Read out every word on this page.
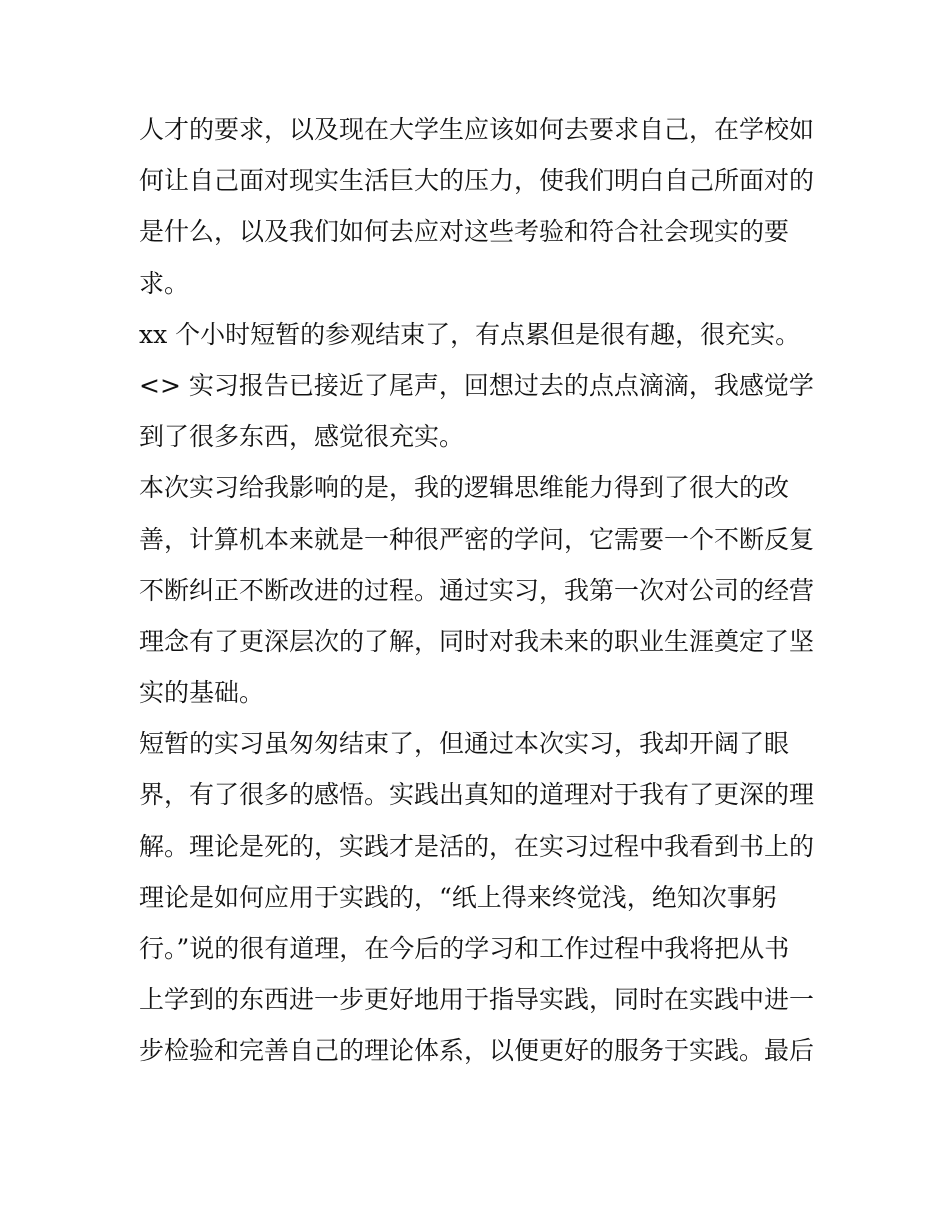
人才的要求，以及现在大学生应该如何去要求自己，在学校如
何让自己面对现实生活巨大的压力，使我们明白自己所面对的
是什么，以及我们如何去应对这些考验和符合社会现实的要
求。
xx 个小时短暂的参观结束了，有点累但是很有趣，很充实。
<> 实习报告已接近了尾声，回想过去的点点滴滴，我感觉学
到了很多东西，感觉很充实。
本次实习给我影响的是，我的逻辑思维能力得到了很大的改
善，计算机本来就是一种很严密的学问，它需要一个不断反复
不断纠正不断改进的过程。通过实习，我第一次对公司的经营
理念有了更深层次的了解，同时对我未来的职业生涯奠定了坚
实的基础。
短暂的实习虽匆匆结束了，但通过本次实习，我却开阔了眼
界，有了很多的感悟。实践出真知的道理对于我有了更深的理
解。理论是死的，实践才是活的，在实习过程中我看到书上的
理论是如何应用于实践的，“纸上得来终觉浅，绝知次事躬
行。”说的很有道理，在今后的学习和工作过程中我将把从书
上学到的东西进一步更好地用于指导实践，同时在实践中进一
步检验和完善自己的理论体系，以便更好的服务于实践。最后
